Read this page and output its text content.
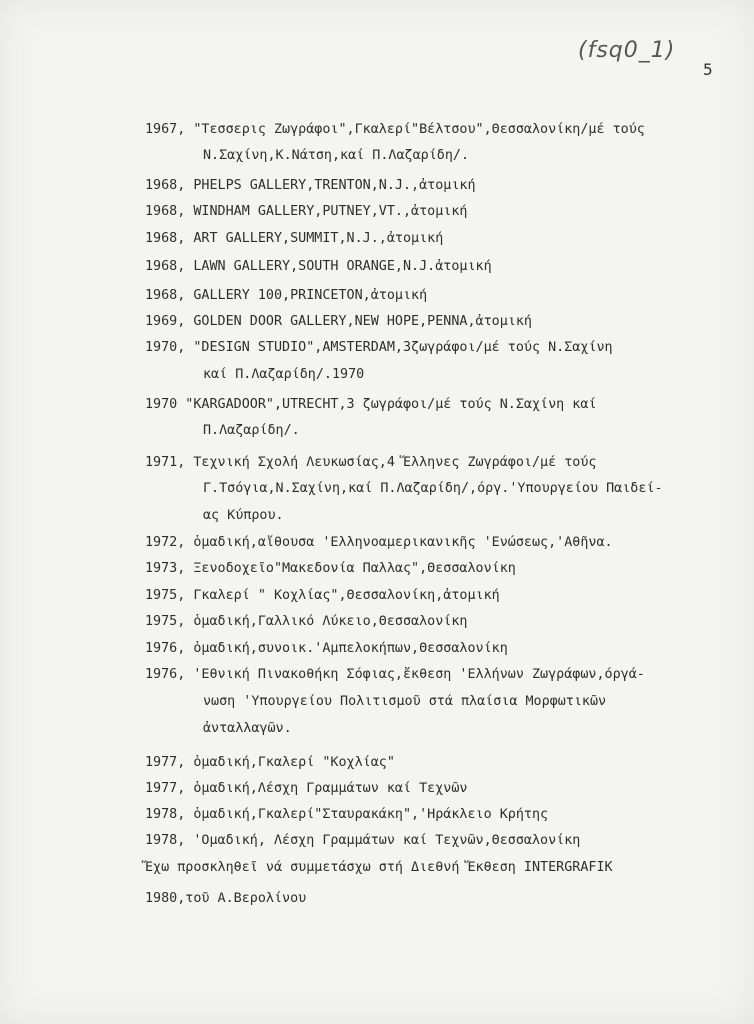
(fsq0_1)
5
1967, "Τεσσερις Ζωγράφοι",Γκαλερί"Βέλτσου",Θεσσαλονίκη/μέ τούς
Ν.Σαχίνη,Κ.Νάτση,καί Π.Λαζαρίδη/.
1968, PHELPS GALLERY,TRENTON,N.J.,ἀτομική
1968, WINDHAM GALLERY,PUTNEY,VT.,ἀτομική
1968, ART GALLERY,SUMMIT,N.J.,ἀτομική
1968, LAWN GALLERY,SOUTH ORANGE,N.J.ἀτομική
1968, GALLERY 100,PRINCETON,ἀτομική
1969, GOLDEN DOOR GALLERY,NEW HOPE,PENNA,ἀτομική
1970, "DESIGN STUDIO",AMSTERDAM,3ζωγράφοι/μέ τούς Ν.Σαχίνη
καί Π.Λαζαρίδη/.1970
1970 "KARGADOOR",UTRECHT,3 ζωγράφοι/μέ τούς Ν.Σαχίνη καί
Π.Λαζαρίδη/.
1971, Τεχνική Σχολή Λευκωσίας,4 Ἕλληνες Ζωγράφοι/μέ τούς
Γ.Τσόγια,Ν.Σαχίνη,καί Π.Λαζαρίδη/,όργ.'Υπουργείου Παιδεί-
ας Κύπρου.
1972, ὁμαδική,αἴθουσα 'Ελληνοαμερικανικῆς 'Ενώσεως,'Αθῆνα.
1973, Ξενοδοχεῖο"Μακεδονία Παλλας",Θεσσαλονίκη
1975, Γκαλερί " Κοχλίας",Θεσσαλονίκη,ἀτομική
1975, ὁμαδική,Γαλλικό Λύκειο,Θεσσαλονίκη
1976, ὁμαδική,συνοικ.'Αμπελοκήπων,Θεσσαλονίκη
1976, 'Εθνική Πινακοθήκη Σόφιας,ἔκθεση 'Ελλήνων Ζωγράφων,όργά-
νωση 'Υπουργείου Πολιτισμοῦ στά πλαίσια Μορφωτικῶν
ἀνταλλαγῶν.
1977, ὁμαδική,Γκαλερί "Κοχλίας"
1977, ὁμαδική,Λέσχη Γραμμάτων καί Τεχνῶν
1978, ὁμαδική,Γκαλερί"Σταυρακάκη",'Ηράκλειο Κρήτης
1978, 'Ομαδική, Λέσχη Γραμμάτων καί Τεχνῶν,Θεσσαλονίκη
Ἔχω προσκληθεῖ νά συμμετάσχω στή Διεθνή Ἔκθεση INTERGRAFIK
1980,τοῦ Α.Βερολίνου
